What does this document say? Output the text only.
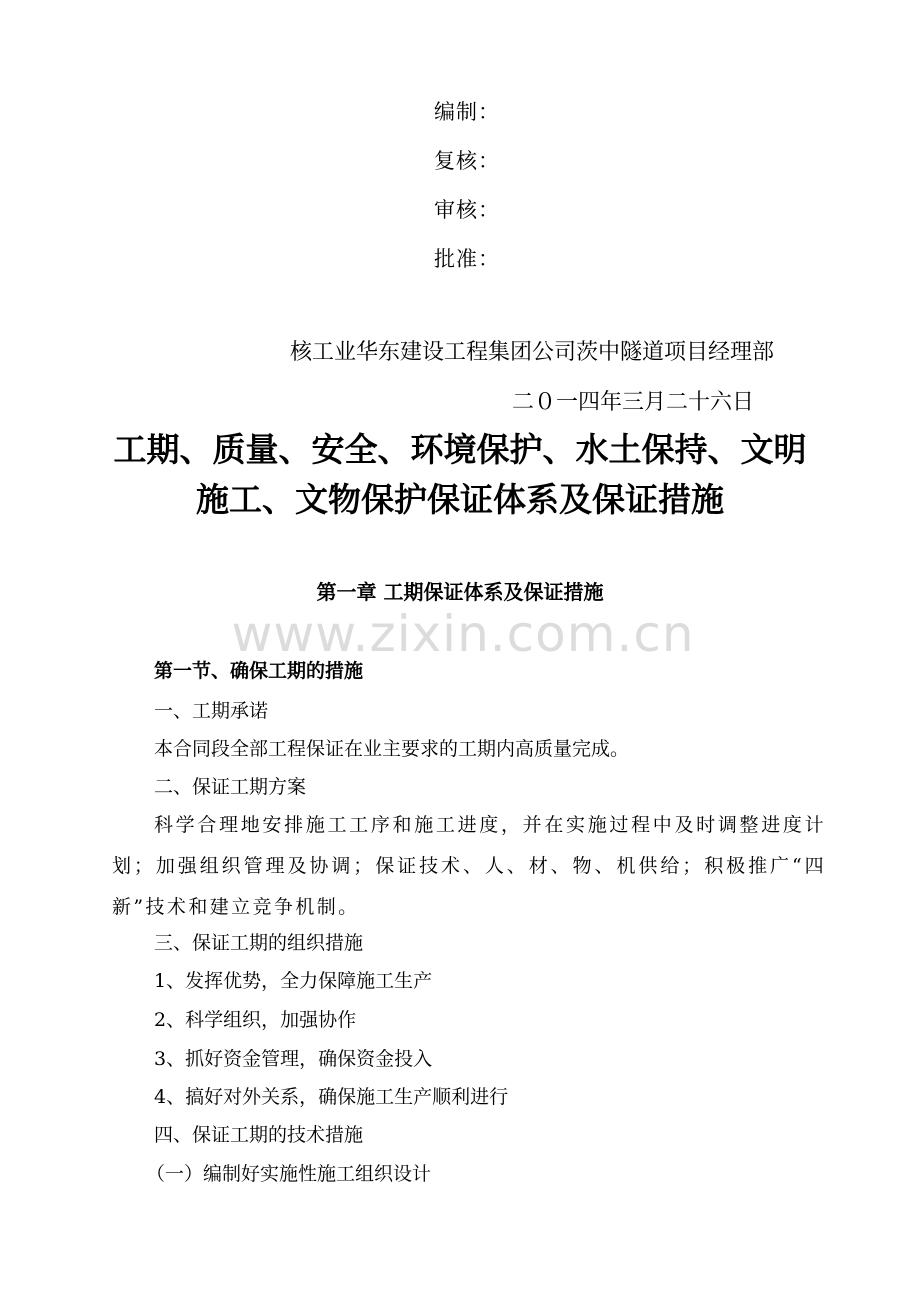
编制：
复核：
审核：
批准：
核工业华东建设工程集团公司茨中隧道项目经理部
二０一四年三月二十六日
工期、质量、安全、环境保护、水土保持、文明
施工、文物保护保证体系及保证措施
第一章 工期保证体系及保证措施
www.zixin.com.cn
第一节、确保工期的措施
一、工期承诺
本合同段全部工程保证在业主要求的工期内高质量完成。
二、保证工期方案
科学合理地安排施工工序和施工进度，并在实施过程中及时调整进度计划；加强组织管理及协调；保证技术、人、材、物、机供给；积极推广“四新”技术和建立竞争机制。
三、保证工期的组织措施
1、发挥优势，全力保障施工生产
2、科学组织，加强协作
3、抓好资金管理，确保资金投入
4、搞好对外关系，确保施工生产顺利进行
四、保证工期的技术措施
（一）编制好实施性施工组织设计
